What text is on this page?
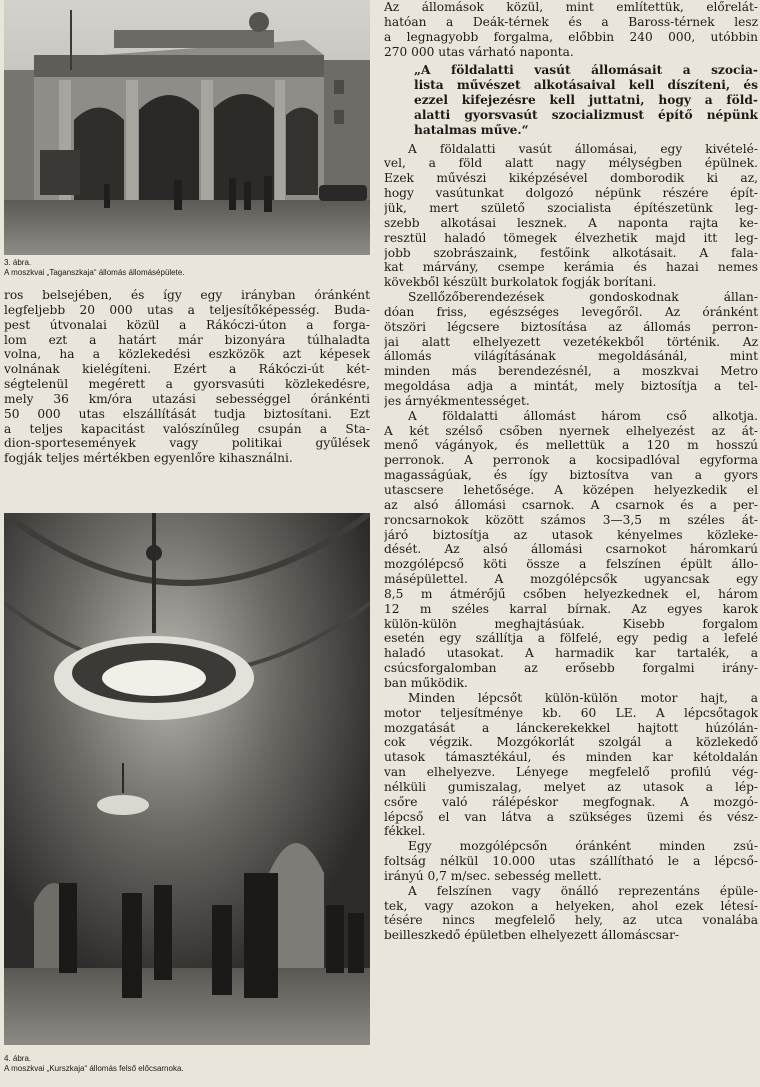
3. ábra.
A moszkvai „Taganszkaja“ állomás állomásépülete.

ros belsejében, és így egy irányban óránként
legfeljebb 20 000 utas a teljesítőképesség. Buda-
pest útvonalai közül a Rákóczi-úton a forga-
lom ezt a határt már bizonyára túlhaladta
volna, ha a közlekedési eszközök azt képesek
volnának kielégíteni. Ezért a Rákóczi-út két-
ségtelenül megérett a gyorsvasúti közlekedésre,
mely 36 km/óra utazási sebességgel óránkénti
50 000 utas elszállítását tudja biztosítani. Ezt
a teljes kapacitást valószínűleg csupán a Sta-
dion-sportesemények vagy politikai gyűlések
fogják teljes mértékben egyenlőre kihasználni.

4. ábra.
A moszkvai „Kurszkaja“ állomás felső előcsarnoka.

Az állomások közül, mint említettük, előrelát-
hatóan a Deák-térnek és a Baross-térnek lesz
a legnagyobb forgalma, előbbin 240 000, utóbbin
270 000 utas várható naponta.

„A földalatti vasút állomásait a szocia-
lista művészet alkotásaival kell díszíteni, és
ezzel kifejezésre kell juttatni, hogy a föld-
alatti gyorsvasút szocializmust építő népünk
hatalmas műve.“

A földalatti vasút állomásai, egy kivételé-
vel, a föld alatt nagy mélységben épülnek.
Ezek művészi kiképzésével domborodik ki az,
hogy vasútunkat dolgozó népünk részére épít-
jük, mert születő szocialista építészetünk leg-
szebb alkotásai lesznek. A naponta rajta ke-
resztül haladó tömegek élvezhetik majd itt leg-
jobb szobrászaink, festőink alkotásait. A fala-
kat márvány, csempe kerámia és hazai nemes
kövekből készült burkolatok fogják borítani.

Szellőzőberendezések gondoskodnak állan-
dóan friss, egészséges levegőről. Az óránként
ötszöri légcsere biztosítása az állomás perron-
jai alatt elhelyezett vezetékekből történik. Az
állomás világításának megoldásánál, mint
minden más berendezésnél, a moszkvai Metro
megoldása adja a mintát, mely biztosítja a tel-
jes árnyékmentességet.

A földalatti állomást három cső alkotja.
A két szélső csőben nyernek elhelyezést az át-
menő vágányok, és mellettük a 120 m hosszú
perronok. A perronok a kocsipadlóval egyforma
magasságúak, és így biztosítva van a gyors
utascsere lehetősége. A középen helyezkedik el
az alsó állomási csarnok. A csarnok és a per-
roncsarnokok között számos 3—3,5 m széles át-
járó biztosítja az utasok kényelmes közleke-
dését. Az alsó állomási csarnokot háromkarú
mozgólépcső köti össze a felszínen épült állo-
másépülettel. A mozgólépcsők ugyancsak egy
8,5 m átmérőjű csőben helyezkednek el, három
12 m széles karral bírnak. Az egyes karok
külön-külön meghajtásúak. Kisebb forgalom
esetén egy szállítja a fölfelé, egy pedig a lefelé
haladó utasokat. A harmadik kar tartalék, a
csúcsforgalomban az erősebb forgalmi irány-
ban működik.

Minden lépcsőt külön-külön motor hajt, a
motor teljesítménye kb. 60 LE. A lépcsőtagok
mozgatását a lánckerekekkel hajtott húzólán-
cok végzik. Mozgókorlát szolgál a közlekedő
utasok támasztékául, és minden kar kétoldalán
van elhelyezve. Lényege megfelelő profilú vég-
nélküli gumiszalag, melyet az utasok a lép-
csőre való rálépéskor megfognak. A mozgó-
lépcső el van látva a szükséges üzemi és vész-
fékkel.

Egy mozgólépcsőn óránként minden zsú-
foltság nélkül 10.000 utas szállítható le a lépcső-
irányú 0,7 m/sec. sebesség mellett.

A felszínen vagy önálló reprezentáns épüle-
tek, vagy azokon a helyeken, ahol ezek létesí-
tésére nincs megfelelő hely, az utca vonalába
beilleszkedő épületben elhelyezett állomáscsar-
